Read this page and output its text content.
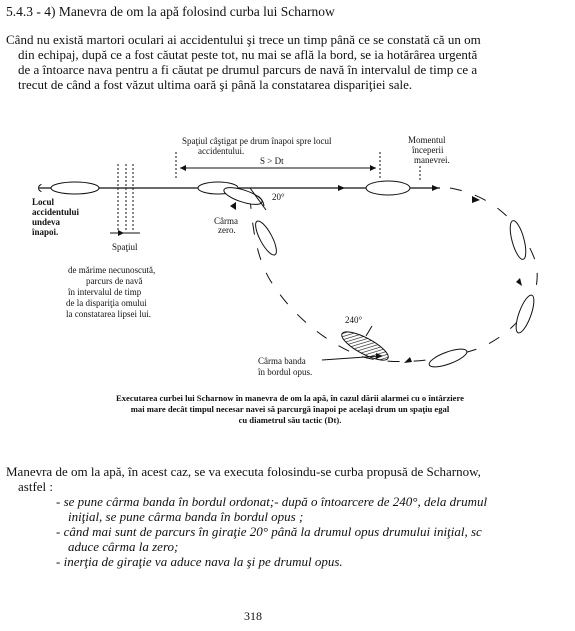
5.4.3 - 4) Manevra de om la apă folosind curba lui Scharnow
Când nu există martori oculari ai accidentului şi trece un timp până ce se constată că un om
din echipaj, după ce a fost căutat peste tot, nu mai se află la bord, se ia hotărârea urgentă
de a întoarce nava pentru a fi căutat pe drumul parcurs de navă în intervalul de timp ce a
trecut de când a fost văzut ultima oară şi până la constatarea dispariţiei sale.
Spaţiul câştigat pe drum înapoi spre locul
accidentului.
S > Dt
Momentul
începerii
manevrei.
Locul
accidentului
undeva
înapoi.
20°
Cârma
zero.
Spaţiul
de mărime necunoscută,
parcurs de navă
în intervalul de timp
de la dispariţia omului
la constatarea lipsei lui.
240°
Cârma banda
în bordul opus.
Executarea curbei lui Scharnow în manevra de om la apă, în cazul dării alarmei cu o întârziere
mai mare decât timpul necesar navei să parcurgă înapoi pe acelaşi drum un spaţiu egal
cu diametrul său tactic (Dt).
Manevra de om la apă, în acest caz, se va executa folosindu-se curba propusă de Scharnow,
astfel :
- se pune cârma banda în bordul ordonat;- după o întoarcere de 240°, dela drumul
iniţial, se pune cârma banda în bordul opus ;
- când mai sunt de parcurs în giraţie 20° până la drumul opus drumului iniţial, sc
aduce cârma la zero;
- inerţia de giraţie va aduce nava la şi pe drumul opus.
318
